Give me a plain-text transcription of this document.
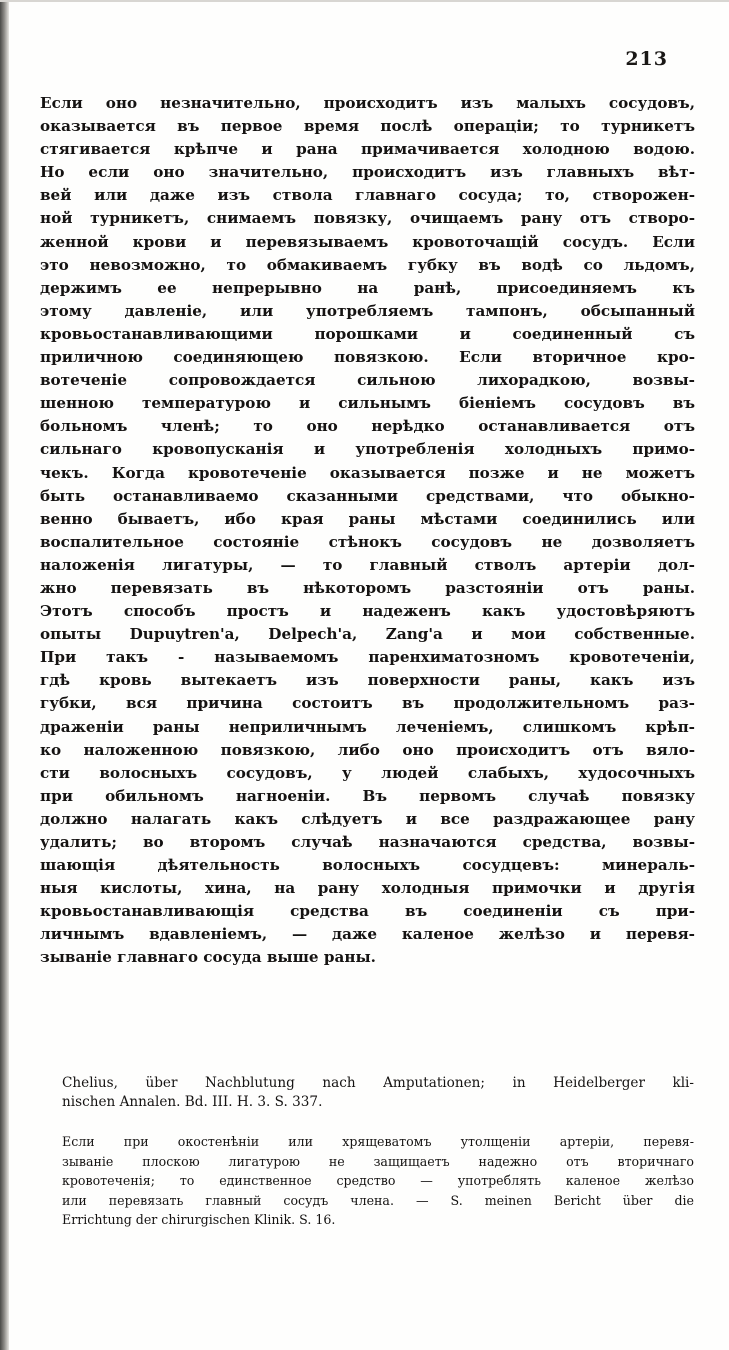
213
Если оно незначительно, происходитъ изъ малыхъ сосудовъ,
оказывается въ первое время послѣ операціи; то турникетъ
стягивается крѣпче и рана примачивается холодною водою.
Но если оно значительно, происходитъ изъ главныхъ вѣт-
вей или даже изъ ствола главнаго сосуда; то, створожен-
ной турникетъ, снимаемъ повязку, очищаемъ рану отъ створо-
женной крови и перевязываемъ кровоточащій сосудъ. Если
это невозможно, то обмакиваемъ губку въ водѣ со льдомъ,
держимъ ее непрерывно на ранѣ, присоединяемъ къ
этому давленіе, или употребляемъ тампонъ, обсыпанный
кровьостанавливающими порошками и соединенный съ
приличною соединяющею повязкою. Если вторичное кро-
вотеченіе сопровождается сильною лихорадкою, возвы-
шенною температурою и сильнымъ біеніемъ сосудовъ въ
больномъ членѣ; то оно нерѣдко останавливается отъ
сильнаго кровопусканія и употребленія холодныхъ примо-
чекъ. Когда кровотеченіе оказывается позже и не можетъ
быть останавливаемо сказанными средствами, что обыкно-
венно бываетъ, ибо края раны мѣстами соединились или
воспалительное состояніе стѣнокъ сосудовъ не дозволяетъ
наложенія лигатуры, — то главный стволъ артеріи дол-
жно перевязать въ нѣкоторомъ разстояніи отъ раны.
Этотъ способъ простъ и надеженъ какъ удостовѣряютъ
опыты Dupuytren'a, Delpech'a, Zang'a и мои собственные.
При такъ - называемомъ паренхиматозномъ кровотеченіи,
гдѣ кровь вытекаетъ изъ поверхности раны, какъ изъ
губки, вся причина состоитъ въ продолжительномъ раз-
драженіи раны неприличнымъ леченіемъ, слишкомъ крѣп-
ко наложенною повязкою, либо оно происходитъ отъ вяло-
сти волосныхъ сосудовъ, у людей слабыхъ, худосочныхъ
при обильномъ нагноеніи. Въ первомъ случаѣ повязку
должно налагать какъ слѣдуетъ и все раздражающее рану
удалить; во второмъ случаѣ назначаются средства, возвы-
шающія дѣятельность волосныхъ сосудцевъ: минераль-
ныя кислоты, хина, на рану холодныя примочки и другія
кровьостанавливающія средства въ соединеніи съ при-
личнымъ вдавленіемъ, — даже каленое желѣзо и перевя-
зываніе главнаго сосуда выше раны.
Chelius, über Nachblutung nach Amputationen; in Heidelberger kli-
nischen Annalen. Bd. III. H. 3. S. 337.
Если при окостенѣніи или хрящеватомъ утолщеніи артеріи, перевя-
зываніе плоскою лигатурою не защищаетъ надежно отъ вторичнаго
кровотеченія; то единственное средство — употреблять каленое желѣзо
или перевязать главный сосудъ члена. — S. meinen Bericht über die
Errichtung der chirurgischen Klinik. S. 16.
